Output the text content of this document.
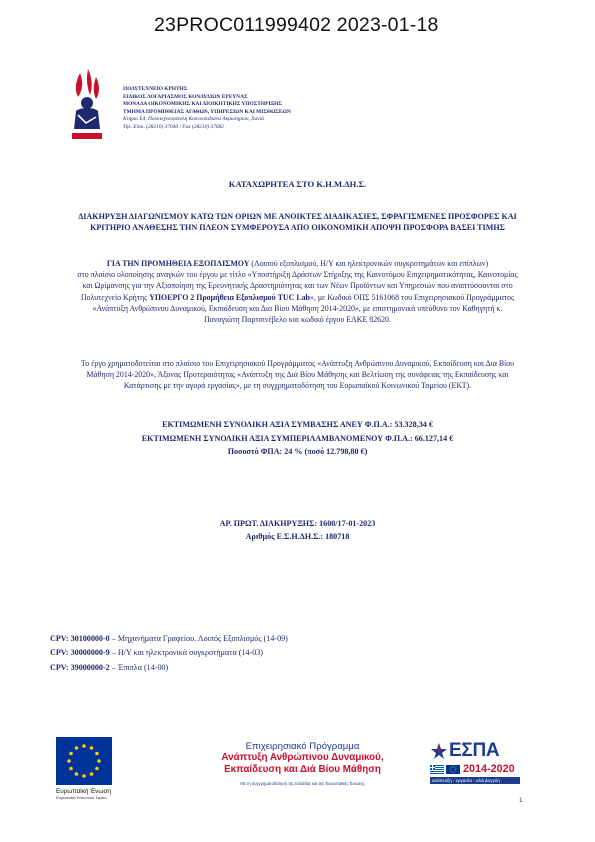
23PROC011999402 2023-01-18
ΠΟΛΥΤΕΧΝΕΙΟ ΚΡΗΤΗΣ
ΕΙΔΙΚΟΣ ΛΟΓΑΡΙΑΣΜΟΣ ΚΟΝΔΥΛΙΩΝ ΕΡΕΥΝΑΣ
ΜΟΝΑΔΑ ΟΙΚΟΝΟΜΙΚΗΣ ΚΑΙ ΔΙΟΙΚΗΤΙΚΗΣ ΥΠΟΣΤΗΡΙΞΗΣ
ΤΜΗΜΑ ΠΡΟΜΗΘΕΙΑΣ ΑΓΑΘΩΝ, ΥΠΗΡΕΣΙΩΝ ΚΑΙ ΜΙΣΘΩΣΕΩΝ
Κτήριο Ε4, Πολυτεχνειούπολη Κουνουπιδιανά Ακρωτηρίου, Χανιά
Τηλ. Επικ. (28210) 37040 / Fax (28210) 37082
ΚΑΤΑΧΩΡΗΤΕΑ ΣΤΟ Κ.Η.Μ.ΔΗ.Σ.
ΔΙΑΚΗΡΥΞΗ ΔΙΑΓΩΝΙΣΜΟΥ ΚΑΤΩ ΤΩΝ ΟΡΙΩΝ ΜΕ ΑΝΟΙΚΤΕΣ ΔΙΑΔΙΚΑΣΙΕΣ, ΣΦΡΑΓΙΣΜΕΝΕΣ ΠΡΟΣΦΟΡΕΣ ΚΑΙ ΚΡΙΤΗΡΙΟ ΑΝΑΘΕΣΗΣ ΤΗΝ ΠΛΕΟΝ ΣΥΜΦΕΡΟΥΣΑ ΑΠΟ ΟΙΚΟΝΟΜΙΚΗ ΑΠΟΨΗ ΠΡΟΣΦΟΡΑ ΒΑΣΕΙ ΤΙΜΗΣ
ΓΙΑ ΤΗΝ ΠΡΟΜΗΘΕΙΑ ΕΞΟΠΛΙΣΜΟΥ (Λοιπού εξοπλισμού, Η/Υ και ηλεκτρονικών συγκροτημάτων και επίπλων)
στο πλαίσιο υλοποίησης αναγκών του έργου με τίτλο «Υποστήριξη Δράσεων Στήριξης της Καινοτόμου Επιχειρηματικότητας, Καινοτομίας και Ωρίμανσης για την Αξιοποίηση της Ερευνητικής Δραστηριότητας και των Νέων Προϊόντων και Υπηρεσιών που αναπτύσσονται στο Πολυτεχνείο Κρήτης ΥΠΟΕΡΓΟ 2 Προμήθεια Εξοπλισμού TUC Lab», με Κωδικό ΟΠΣ 5161068 του Επιχειρησιακού Προγράμματος «Ανάπτυξη Ανθρώπινου Δυναμικού, Εκπαίδευση και Δια Βίου Μάθηση 2014-2020», με επιστημονικά υπεύθυνο τον Καθηγητή κ. Παναγιώτη Παρτσινέβελο και κωδικό έργου ΕΛΚΕ 82620.
Το έργο χρηματοδοτείται στο πλαίσιο του Επιχειρησιακού Προγράμματος «Ανάπτυξη Ανθρώπινου Δυναμικού, Εκπαίδευση και Δια Βίου Μάθηση 2014-2020», Άξονας Προτεραιότητας «Ανάπτυξη της Διά Βίου Μάθησης και Βελτίωση της συνάφειας της Εκπαίδευσης και Κατάρτισης με την αγορά εργασίας», με τη συγχρηματοδότηση του Ευρωπαϊκού Κοινωνικού Ταμείου (ΕΚΤ).
ΕΚΤΙΜΩΜΕΝΗ ΣΥΝΟΛΙΚΗ ΑΞΙΑ ΣΥΜΒΑΣΗΣ ΑΝΕΥ Φ.Π.Α.: 53.328,34 €
ΕΚΤΙΜΩΜΕΝΗ ΣΥΝΟΛΙΚΗ ΑΞΙΑ ΣΥΜΠΕΡΙΛΑΜΒΑΝΟΜΕΝΟΥ Φ.Π.Α.: 66.127,14 €
Ποσοστό ΦΠΑ: 24 % (ποσό 12.798,80 €)
ΑΡ. ΠΡΩΤ. ΔΙΑΚΗΡΥΞΗΣ: 1600/17-01-2023
Αριθμός Ε.Σ.Η.ΔΗ.Σ.: 180718
CPV: 30100000-0 – Μηχανήματα Γραφείου. Λοιπός Εξοπλισμός (14-09)
CPV: 30000000-9 – Η/Υ και ηλεκτρονικά συγκροτήματα (14-03)
CPV: 39000000-2 – Έπιπλα (14-00)
Ευρωπαϊκή Ένωση
Ευρωπαϊκό Κοινωνικό Ταμείο
Επιχειρησιακό Πρόγραμμα
Ανάπτυξη Ανθρώπινου Δυναμικού,
Εκπαίδευση και Διά Βίου Μάθηση
Με τη συγχρηματοδότηση της Ελλάδας και της Ευρωπαϊκής Ένωσης
ΕΣΠΑ
2014-2020
ανάπτυξη - εργασία - αλληλεγγύη
1
